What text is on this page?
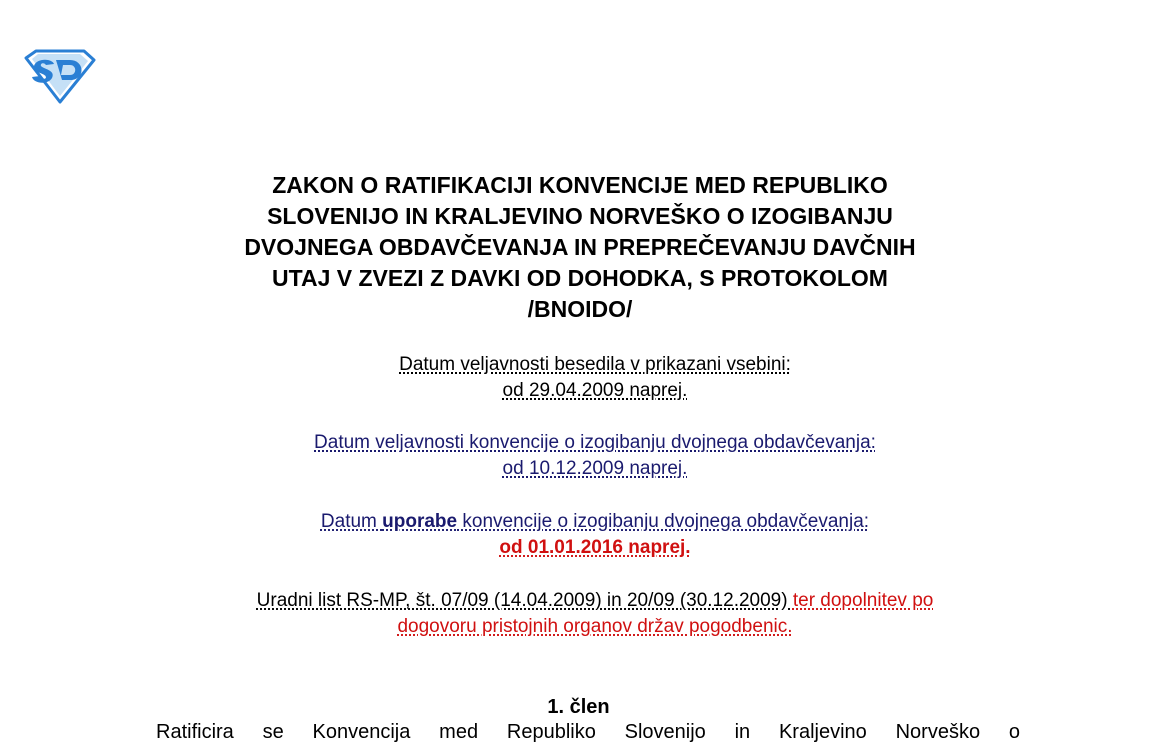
ZAKON O RATIFIKACIJI KONVENCIJE MED REPUBLIKO
SLOVENIJO IN KRALJEVINO NORVEŠKO O IZOGIBANJU
DVOJNEGA OBDAVČEVANJA IN PREPREČEVANJU DAVČNIH
UTAJ V ZVEZI Z DAVKI OD DOHODKA, S PROTOKOLOM
/BNOIDO/
Datum veljavnosti besedila v prikazani vsebini:
od 29.04.2009 naprej.
Datum veljavnosti konvencije o izogibanju dvojnega obdavčevanja:
od 10.12.2009 naprej.
Datum uporabe konvencije o izogibanju dvojnega obdavčevanja:
od 01.01.2016 naprej.
Uradni list RS-MP, št. 07/09 (14.04.2009) in 20/09 (30.12.2009) ter dopolnitev po
dogovoru pristojnih organov držav pogodbenic.
1. člen
Ratificira se Konvencija med Republiko Slovenijo in Kraljevino Norveško o
